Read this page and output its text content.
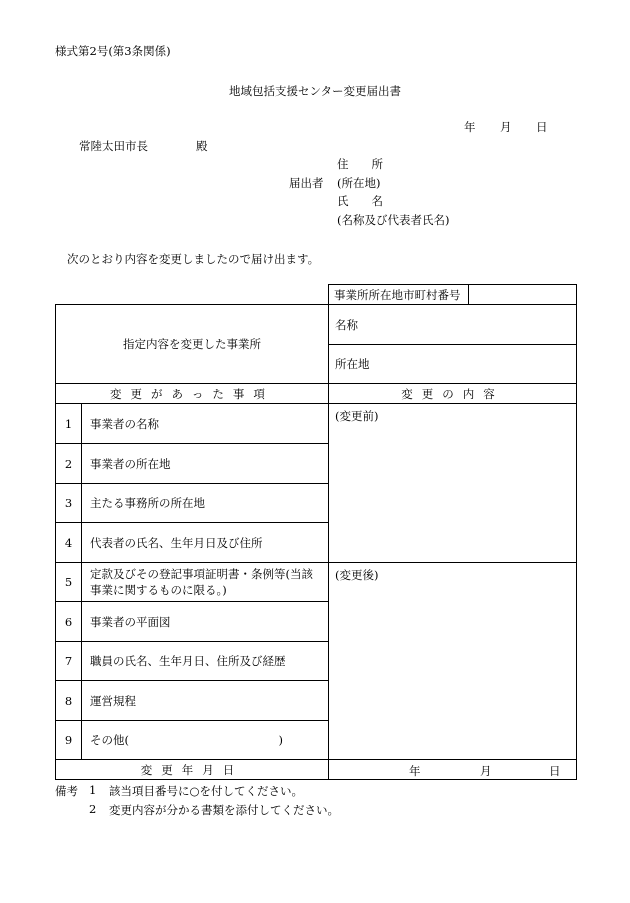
様式第2号(第3条関係)
地域包括支援センター変更届出書
年 月 日
常陸太田市長	殿
住　　所
届出者 (所在地)
氏　　名
(名称及び代表者氏名)
次のとおり内容を変更しましたので届け出ます。
		事業所所在地市町村番号	
指定内容を変更した事業所		名称	
		所在地	
変更があった事項		変更の内容	
1	事業者の名称	(変更前)	
2	事業者の所在地		
3	主たる事務所の所在地		
4	代表者の氏名、生年月日及び住所		
5	定款及びその登記事項証明書・条例等(当該事業に関するものに限る。)	(変更後)	
6	事業者の平面図		
7	職員の氏名、生年月日、住所及び経歴		
8	運営規程		
9	その他(　　　　　　　　　　　　　)		
変更年月日		年 月 日	
備考 1 該当項目番号に○を付してください。
2 変更内容が分かる書類を添付してください。
